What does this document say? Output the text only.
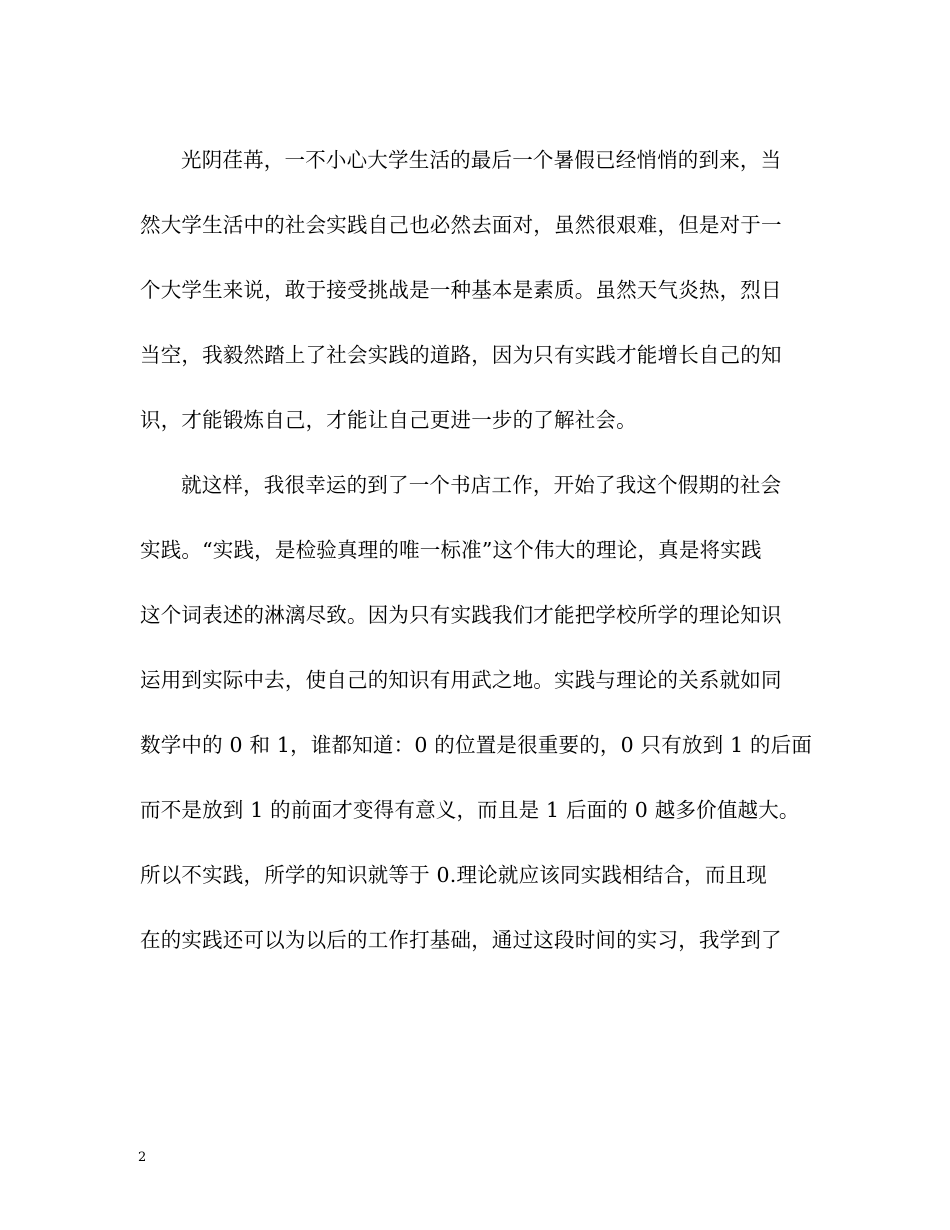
光阴荏苒，一不小心大学生活的最后一个暑假已经悄悄的到来，当
然大学生活中的社会实践自己也必然去面对，虽然很艰难，但是对于一
个大学生来说，敢于接受挑战是一种基本是素质。虽然天气炎热，烈日
当空，我毅然踏上了社会实践的道路，因为只有实践才能增长自己的知
识，才能锻炼自己，才能让自己更进一步的了解社会。
就这样，我很幸运的到了一个书店工作，开始了我这个假期的社会
实践。“实践，是检验真理的唯一标准”这个伟大的理论，真是将实践
这个词表述的淋漓尽致。因为只有实践我们才能把学校所学的理论知识
运用到实际中去，使自己的知识有用武之地。实践与理论的关系就如同
数学中的 0 和 1，谁都知道：0 的位置是很重要的，0 只有放到 1 的后面
而不是放到 1 的前面才变得有意义，而且是 1 后面的 0 越多价值越大。
所以不实践，所学的知识就等于 0.理论就应该同实践相结合，而且现
在的实践还可以为以后的工作打基础，通过这段时间的实习，我学到了
2
